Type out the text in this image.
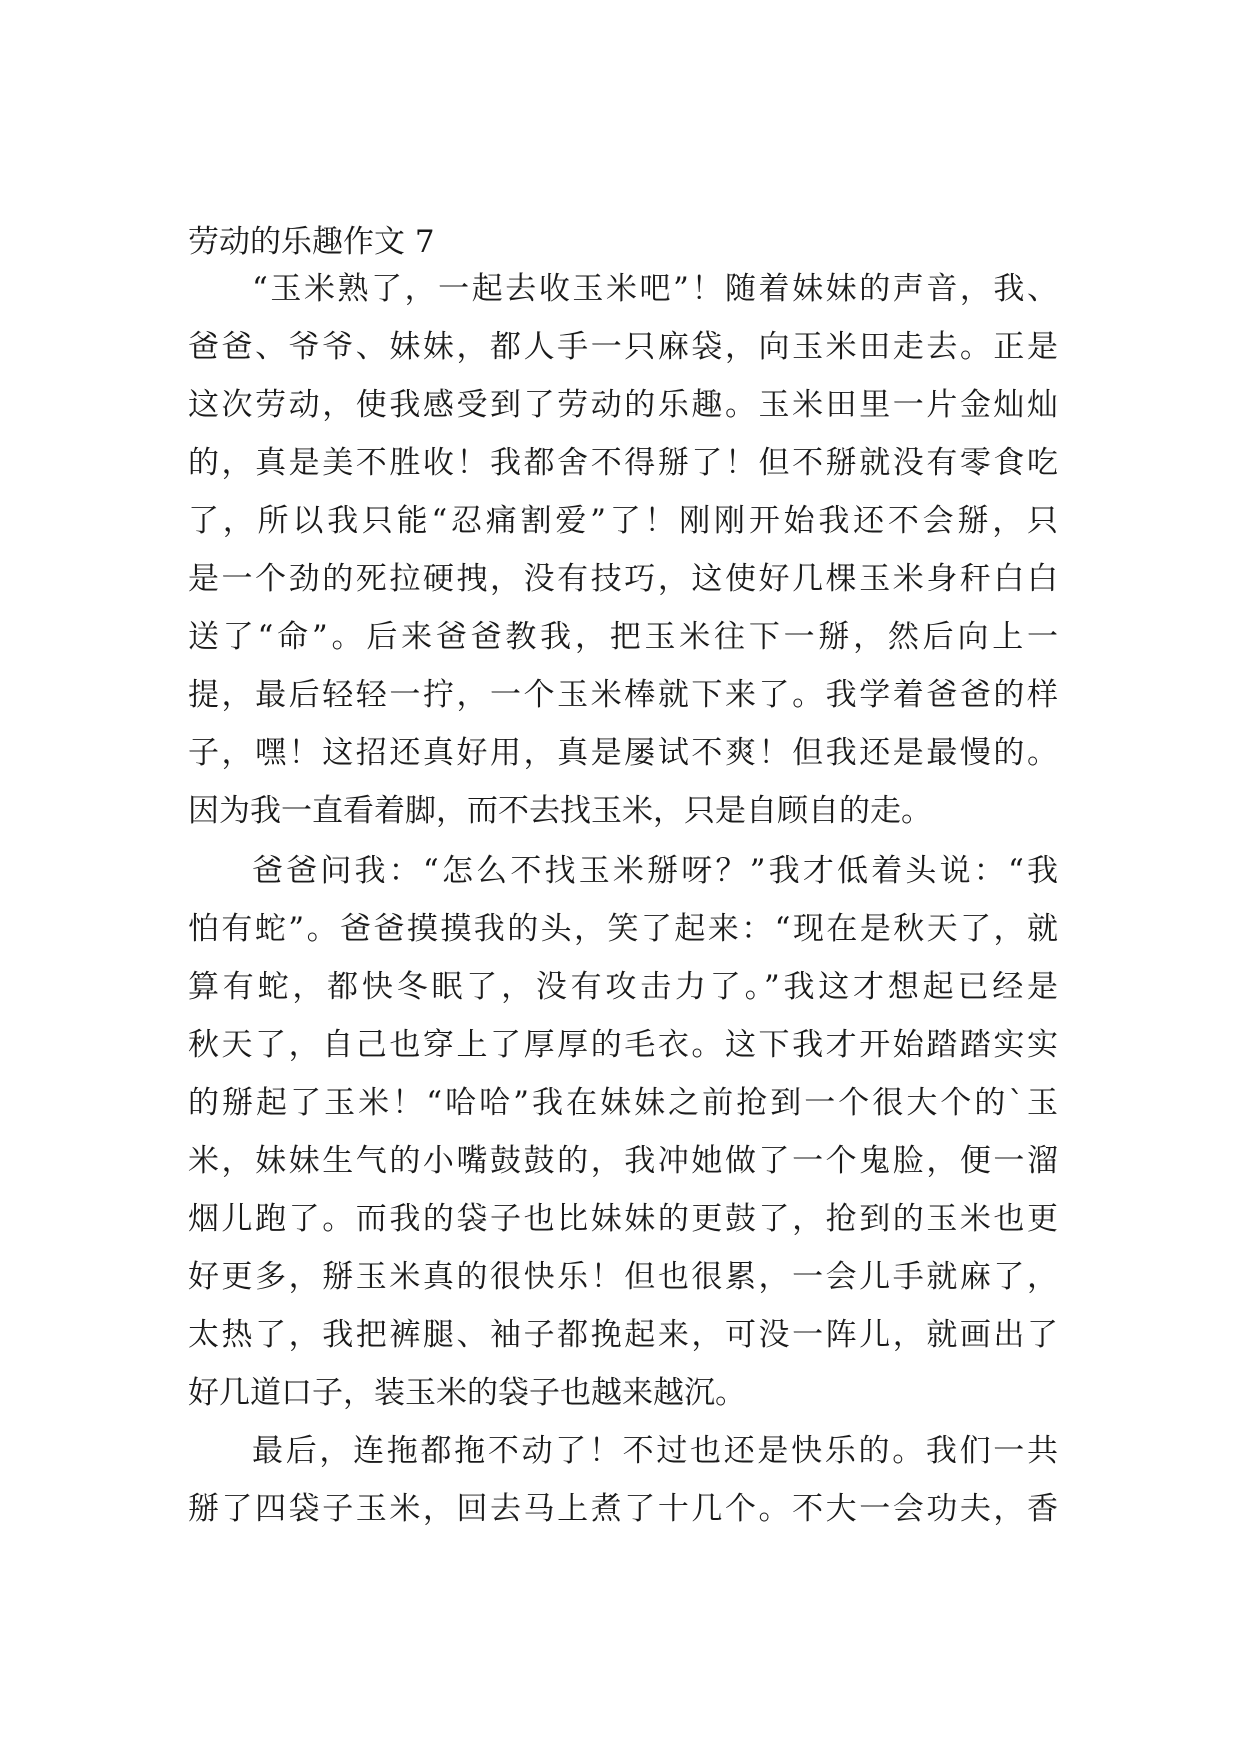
劳动的乐趣作文 7
“玉米熟了，一起去收玉米吧”！随着妹妹的声音，我、
爸爸、爷爷、妹妹，都人手一只麻袋，向玉米田走去。正是
这次劳动，使我感受到了劳动的乐趣。玉米田里一片金灿灿
的，真是美不胜收！我都舍不得掰了！但不掰就没有零食吃
了，所以我只能“忍痛割爱”了！刚刚开始我还不会掰，只
是一个劲的死拉硬拽，没有技巧，这使好几棵玉米身秆白白
送了“命”。后来爸爸教我，把玉米往下一掰，然后向上一
提，最后轻轻一拧，一个玉米棒就下来了。我学着爸爸的样
子，嘿！这招还真好用，真是屡试不爽！但我还是最慢的。
因为我一直看着脚，而不去找玉米，只是自顾自的走。
爸爸问我：“怎么不找玉米掰呀？”我才低着头说：“我
怕有蛇”。爸爸摸摸我的头，笑了起来：“现在是秋天了，就
算有蛇，都快冬眠了，没有攻击力了。”我这才想起已经是
秋天了，自己也穿上了厚厚的毛衣。这下我才开始踏踏实实
的掰起了玉米！“哈哈”我在妹妹之前抢到一个很大个的`玉
米，妹妹生气的小嘴鼓鼓的，我冲她做了一个鬼脸，便一溜
烟儿跑了。而我的袋子也比妹妹的更鼓了，抢到的玉米也更
好更多，掰玉米真的很快乐！但也很累，一会儿手就麻了，
太热了，我把裤腿、袖子都挽起来，可没一阵儿，就画出了
好几道口子，装玉米的袋子也越来越沉。
最后，连拖都拖不动了！不过也还是快乐的。我们一共
掰了四袋子玉米，回去马上煮了十几个。不大一会功夫，香
